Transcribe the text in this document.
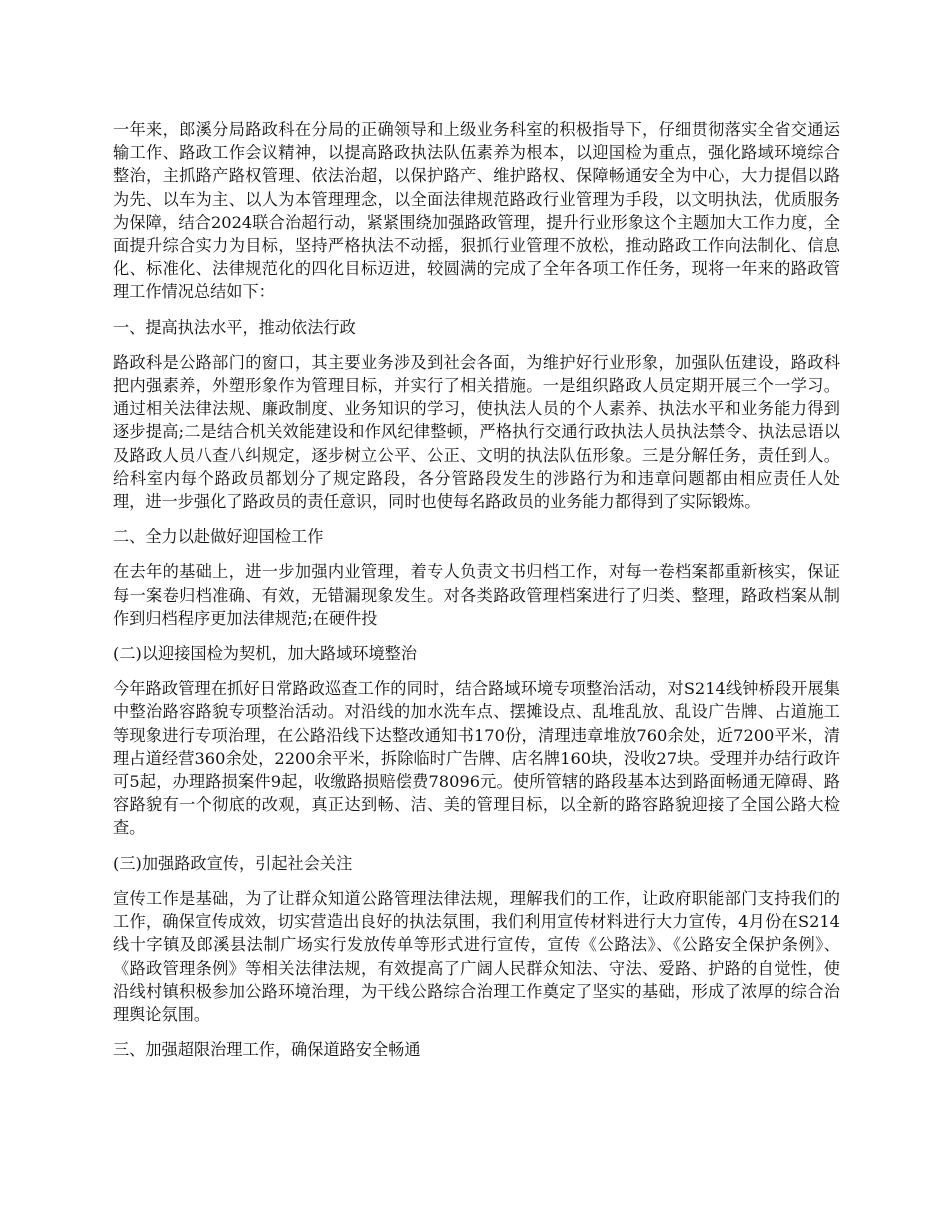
一年来，郎溪分局路政科在分局的正确领导和上级业务科室的积极指导下，仔细贯彻落实全省交通运输工作、路政工作会议精神，以提高路政执法队伍素养为根本，以迎国检为重点，强化路域环境综合整治，主抓路产路权管理、依法治超，以保护路产、维护路权、保障畅通安全为中心，大力提倡以路为先、以车为主、以人为本管理理念，以全面法律规范路政行业管理为手段，以文明执法，优质服务为保障，结合2024联合治超行动，紧紧围绕加强路政管理，提升行业形象这个主题加大工作力度，全面提升综合实力为目标，坚持严格执法不动摇，狠抓行业管理不放松，推动路政工作向法制化、信息化、标准化、法律规范化的四化目标迈进，较圆满的完成了全年各项工作任务，现将一年来的路政管理工作情况总结如下：

一、提高执法水平，推动依法行政

路政科是公路部门的窗口，其主要业务涉及到社会各面，为维护好行业形象，加强队伍建设，路政科把内强素养，外塑形象作为管理目标，并实行了相关措施。一是组织路政人员定期开展三个一学习。通过相关法律法规、廉政制度、业务知识的学习，使执法人员的个人素养、执法水平和业务能力得到逐步提高;二是结合机关效能建设和作风纪律整顿，严格执行交通行政执法人员执法禁令、执法忌语以及路政人员八查八纠规定，逐步树立公平、公正、文明的执法队伍形象。三是分解任务，责任到人。给科室内每个路政员都划分了规定路段，各分管路段发生的涉路行为和违章问题都由相应责任人处理，进一步强化了路政员的责任意识，同时也使每名路政员的业务能力都得到了实际锻炼。

二、全力以赴做好迎国检工作

在去年的基础上，进一步加强内业管理，着专人负责文书归档工作，对每一卷档案都重新核实，保证每一案卷归档准确、有效，无错漏现象发生。对各类路政管理档案进行了归类、整理，路政档案从制作到归档程序更加法律规范;在硬件投

(二)以迎接国检为契机，加大路域环境整治

今年路政管理在抓好日常路政巡查工作的同时，结合路域环境专项整治活动，对S214线钟桥段开展集中整治路容路貌专项整治活动。对沿线的加水洗车点、摆摊设点、乱堆乱放、乱设广告牌、占道施工等现象进行专项治理，在公路沿线下达整改通知书170份，清理违章堆放760余处，近7200平米，清理占道经营360余处，2200余平米，拆除临时广告牌、店名牌160块，没收27块。受理并办结行政许可5起，办理路损案件9起，收缴路损赔偿费78096元。使所管辖的路段基本达到路面畅通无障碍、路容路貌有一个彻底的改观，真正达到畅、洁、美的管理目标，以全新的路容路貌迎接了全国公路大检查。

(三)加强路政宣传，引起社会关注

宣传工作是基础，为了让群众知道公路管理法律法规，理解我们的工作，让政府职能部门支持我们的工作，确保宣传成效，切实营造出良好的执法氛围，我们利用宣传材料进行大力宣传，4月份在S214线十字镇及郎溪县法制广场实行发放传单等形式进行宣传，宣传《公路法》、《公路安全保护条例》、《路政管理条例》等相关法律法规，有效提高了广阔人民群众知法、守法、爱路、护路的自觉性，使沿线村镇积极参加公路环境治理，为干线公路综合治理工作奠定了坚实的基础，形成了浓厚的综合治理舆论氛围。

三、加强超限治理工作，确保道路安全畅通
